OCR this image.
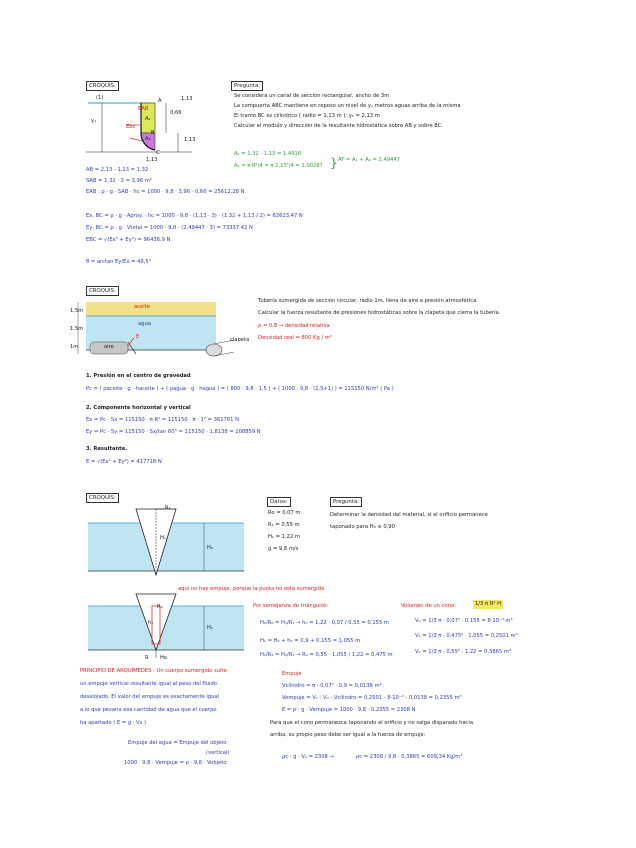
CROQUIS:	Pregunta:
(1)
y₁
0,66
1,13
1,13
A
B
C
EAB
A₁
Ebc
A₂
1,13
Se considera un canal de sección rectangular, ancho de 3m
La compuerta ABC mantiene en reposo un nivel de y₁ metros aguas arriba de la misma
El tramo BC es cilíndrico ( radio = 1,13 m ); y₁ = 2,13 m
Calcular el módulo y dirección de la resultante hidrostática sobre AB y sobre BC.
A₁ = 1,32 · 1,13 = 1,4916
A₂ = π·R²/4 = π·1,13²/4 = 1,00287 } AT = A₁ + A₂ = 2,49447
AB = 2,13 - 1,13 = 1,32
SAB = 1,32 · 3 = 3,96 m²
EAB : ρ · g · SAB · hc = 1000 · 9,8 · 3,96 · 0,66 = 25612,28 N
Ex, BC = ρ · g · Aproy. · hc = 1000 · 9,8 · (1,13 · 3) · (1,32 + 1,13 / 2) = 62623,47 N
Ey, BC = ρ · g · Vtotal = 1000 · 9,8 · (2,49447 · 3) = 73337,42 N
EBC = √(Ex² + Ey²) = 96436,9 N
θ = arctan Ey/Ex = 49,5°
CROQUIS:
aceite
agua
1,5m
1,5m
1m	aire
E	clapeta
Tubería sumergida de sección circular, radio 1m, llena de aire a presión atmosférica.
Calcular la fuerza resultante de presiones hidrostáticas sobre la clapeta que cierra la tubería.
ρ = 0,8 → densidad relativa
Densidad real = 800 Kg / m³
1. Presión en el centro de gravedad
Pc = ( ρaceite · g · haceite ) + ( ρagua · g · hagua ) = ( 800 · 9,8 · 1,5 ) + ( 1000 · 9,8 · (2,5+1) ) = 115150 N/m² ( Pa )
2. Componente horizontal y vertical
Ex = Pc · Sx = 115150 · π·R² = 115150 · π · 1² = 361761 N
Ey = Pc · Sy = 115150 · Sx/tan 60° = 115150 · 1,8138 = 208859 N
3. Resultante.
E = √(Ex² + Ey²) = 417718 N
CROQUIS:
Datos:	Pregunta:
R₁
H₁
H₀
Ro = 0,07 m
R₁ = 0,55 m
H₁ = 1,22 m
g = 9,8 m/s
Determinar la densidad del material, si el orificio permanece
taponado para H₀ ≤ 0,90
aquí no hay empuje, porque la punta no está sumergida
R₂
h₁
H₁
Ho
R
Por semejanza de triángulos:
H₀/R₀ = H₁/R₁ → h₀ = 1,22 · 0,07 / 0,55 = 0,155 m
H₁ = H₀ + h₀ = 0,9 + 0,155 = 1,055 m
H₁/R₁ = H₂/R₂ → R₂ = 0,55 · 1,055 / 1,22 = 0,475 m
Volumen de un cono:	1/3 π R² H
V₀ = 1/3 π · 0,07² · 0,155 = 8·10⁻⁴ m³
V₁ = 1/3 π · 0,475² · 1,055 = 0,2501 m³
V₂ = 1/3 π · 0,55² · 1,22 = 0,3865 m³
Empuje
Vcilindro = π · 0,07² · 0,9 = 0,0138 m³
Vempuje = V₁ - V₀ - Vcilindro = 0,2501 - 8·10⁻⁴ - 0,0138 = 0,2355 m³
E = ρ · g · Vempuje = 1000 · 9,8 · 0,2355 = 2308 N
Para que el cono permanezca taponando el orificio y no salga disparado hacia
arriba, su propio peso debe ser igual a la fuerza de empuje:
PRINCIPIO DE ARQUÍMEDES : Un cuerpo sumergido sufre
un empuje vertical resultante igual al peso del fluido
desalojado. El valor del empuje es exactamente igual
a lo que pesaría esa cantidad de agua que el cuerpo
ha apartado ( E = g · Vs )
Empuje del agua = Empuje del objeto
(vertical)
1000 · 9,8 · Vempuje = ρ · 9,8 · Vobjeto
ρc · g · V₂ = 2308 →	ρc = 2308 / 9,8 · 0,3865 = 609,34 Kg/m³
